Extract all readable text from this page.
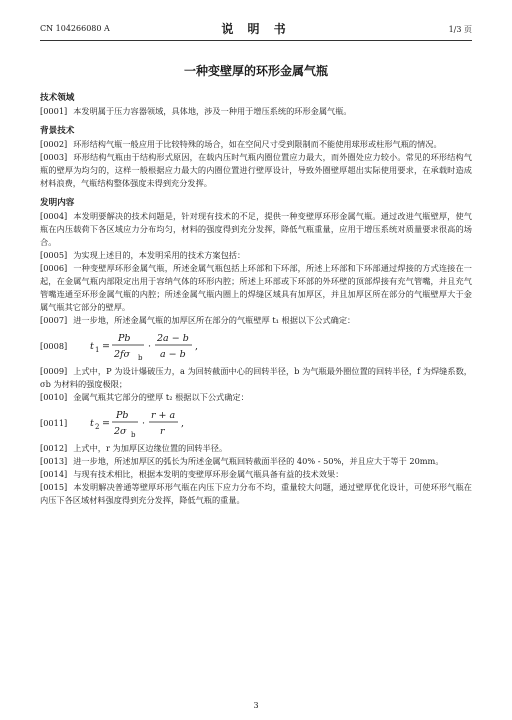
CN 104266080 A	说 明 书	1/3 页
一种变壁厚的环形金属气瓶
技术领域
[0001] 本发明属于压力容器领域，具体地，涉及一种用于增压系统的环形金属气瓶。
背景技术
[0002] 环形结构气瓶一般应用于比较特殊的场合，如在空间尺寸受到限制而不能使用球形或柱形气瓶的情况。
[0003] 环形结构气瓶由于结构形式原因，在载内压时气瓶内圈位置应力最大，而外圈处应力较小。常见的环形结构气瓶的壁厚为均匀的，这样一般根据应力最大的内圈位置进行壁厚设计，导致外圈壁厚超出实际使用要求，在承载时造成材料浪费，气瓶结构整体强度未得到充分发挥。
发明内容
[0004] 本发明要解决的技术问题是，针对现有技术的不足，提供一种变壁厚环形金属气瓶。通过改进气瓶壁厚，使气瓶在内压载荷下各区域应力分布均匀，材料的强度得到充分发挥，降低气瓶重量，应用于增压系统对质量要求很高的场合。
[0005] 为实现上述目的，本发明采用的技术方案包括：
[0006] 一种变壁厚环形金属气瓶，所述金属气瓶包括上环部和下环部，所述上环部和下环部通过焊接的方式连接在一起，在金属气瓶内部限定出用于容纳气体的环形内腔；所述上环部或下环部的外环壁的顶部焊接有充气管嘴，并且充气管嘴连通至环形金属气瓶的内腔；所述金属气瓶内圈上的焊缝区域具有加厚区，并且加厚区所在部分的气瓶壁厚大于金属气瓶其它部分的壁厚。
[0007] 进一步地，所述金属气瓶的加厚区所在部分的气瓶壁厚 t₁ 根据以下公式确定：
[0008]	t 1 =
Pb
2fσ b
·
2a − b
a − b
,
[0009] 上式中，P 为设计爆破压力，a 为回转截面中心的回转半径，b 为气瓶最外圈位置的回转半径，f 为焊缝系数，σb 为材料的强度极限；
[0010] 金属气瓶其它部分的壁厚 t₂ 根据以下公式确定：
[0011]	t 2 =
Pb
2σ b
·
r + a
r
,
[0012] 上式中，r 为加厚区边缘位置的回转半径。
[0013] 进一步地，所述加厚区的弧长为所述金属气瓶回转截面半径的 40% - 50%，并且应大于等于 20mm。
[0014] 与现有技术相比，根据本发明的变壁厚环形金属气瓶具备有益的技术效果：
[0015] 本发明解决普通等壁厚环形气瓶在内压下应力分布不均，重量较大问题，通过壁厚优化设计，可使环形气瓶在内压下各区域材料强度得到充分发挥，降低气瓶的重量。
3
